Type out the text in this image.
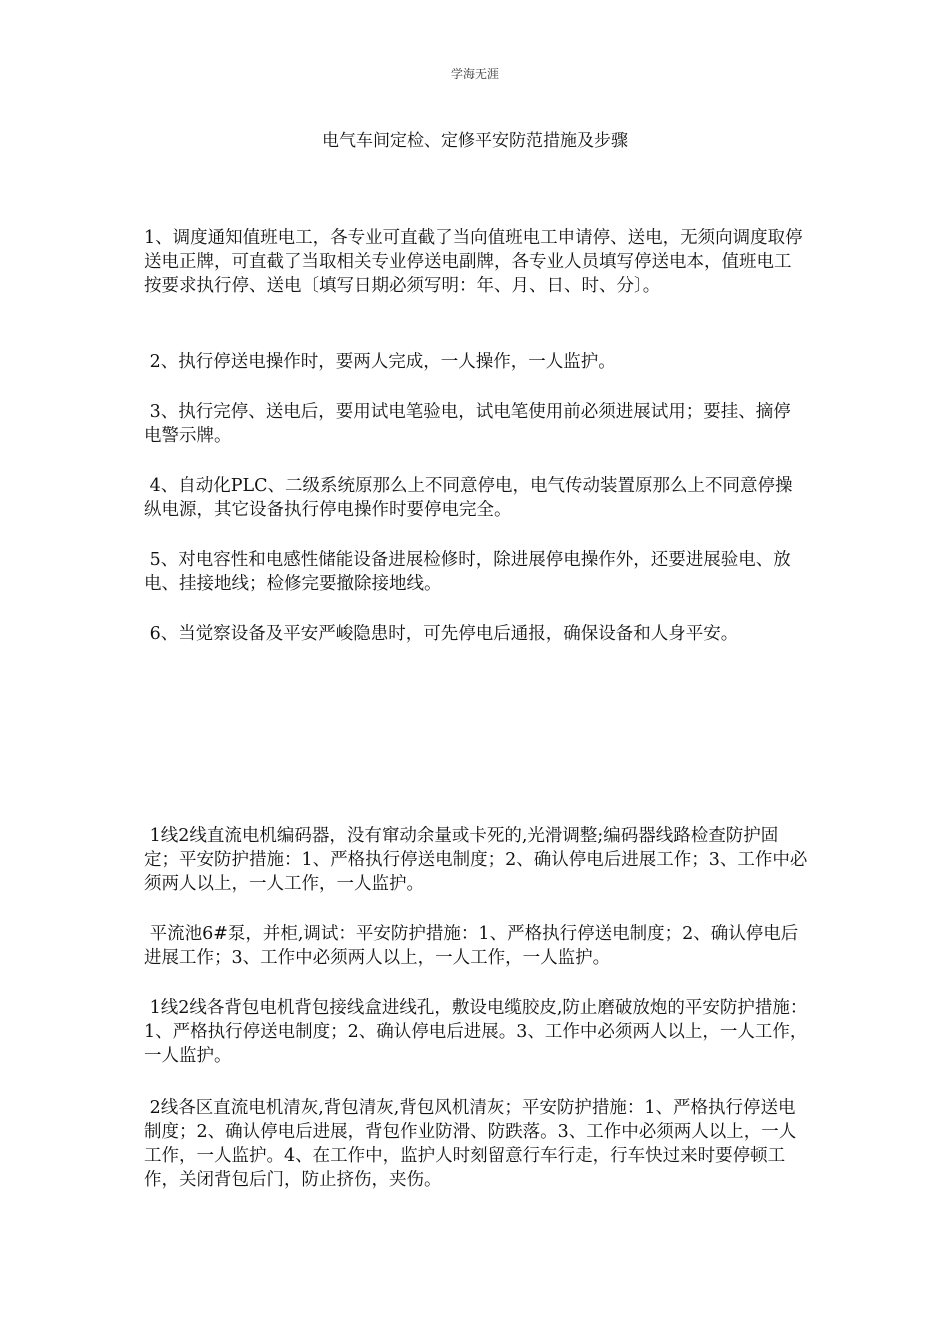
学海无涯
电气车间定检、定修平安防范措施及步骤
1、调度通知值班电工，各专业可直截了当向值班电工申请停、送电，无须向调度取停送电正牌，可直截了当取相关专业停送电副牌，各专业人员填写停送电本，值班电工按要求执行停、送电〔填写日期必须写明：年、月、日、时、分〕。
2、执行停送电操作时，要两人完成，一人操作，一人监护。
3、执行完停、送电后，要用试电笔验电，试电笔使用前必须进展试用；要挂、摘停电警示牌。
4、自动化PLC、二级系统原那么上不同意停电，电气传动装置原那么上不同意停操纵电源，其它设备执行停电操作时要停电完全。
5、对电容性和电感性储能设备进展检修时，除进展停电操作外，还要进展验电、放电、挂接地线；检修完要撤除接地线。
6、当觉察设备及平安严峻隐患时，可先停电后通报，确保设备和人身平安。
1线2线直流电机编码器，没有窜动余量或卡死的,光滑调整;编码器线路检查防护固定；平安防护措施：1、严格执行停送电制度；2、确认停电后进展工作；3、工作中必须两人以上，一人工作，一人监护。
平流池6#泵，并柜,调试：平安防护措施：1、严格执行停送电制度；2、确认停电后进展工作；3、工作中必须两人以上，一人工作，一人监护。
1线2线各背包电机背包接线盒进线孔，敷设电缆胶皮,防止磨破放炮的平安防护措施：1、严格执行停送电制度；2、确认停电后进展。3、工作中必须两人以上，一人工作，一人监护。
2线各区直流电机清灰,背包清灰,背包风机清灰；平安防护措施：1、严格执行停送电制度；2、确认停电后进展，背包作业防滑、防跌落。3、工作中必须两人以上，一人工作，一人监护。4、在工作中，监护人时刻留意行车行走，行车快过来时要停顿工作，关闭背包后门，防止挤伤，夹伤。
